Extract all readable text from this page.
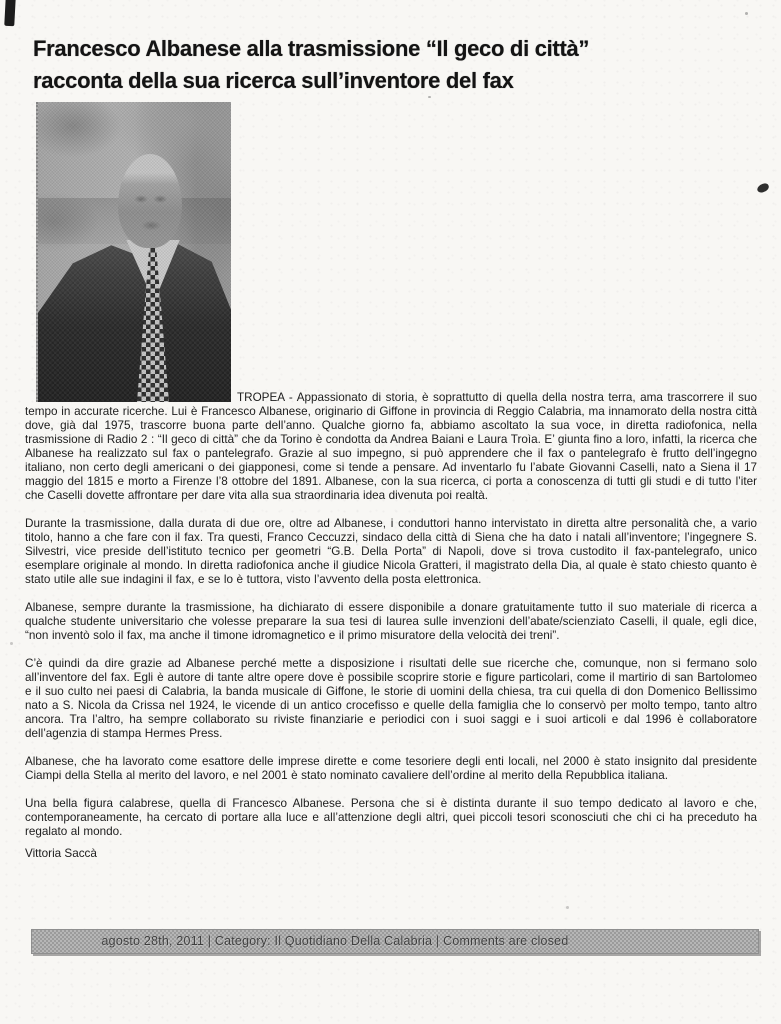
Francesco Albanese alla trasmissione “Il geco di città”
racconta della sua ricerca sull’inventore del fax

TROPEA - Appassionato di storia, è soprattutto di quella della nostra terra, ama trascorrere il suo tempo in accurate ricerche. Lui è Francesco Albanese, originario di Giffone in provincia di Reggio Calabria, ma innamorato della nostra città dove, già dal 1975, trascorre buona parte dell’anno. Qualche giorno fa, abbiamo ascoltato la sua voce, in diretta radiofonica, nella trasmissione di Radio 2 : “Il geco di città” che da Torino è condotta da Andrea Baiani e Laura Troìa. E’ giunta fino a loro, infatti, la ricerca che Albanese ha realizzato sul fax o pantelegrafo. Grazie al suo impegno, si può apprendere che il fax o pantelegrafo è frutto dell’ingegno italiano, non certo degli americani o dei giapponesi, come si tende a pensare. Ad inventarlo fu l’abate Giovanni Caselli, nato a Siena il 17 maggio del 1815 e morto a Firenze l’8 ottobre del 1891. Albanese, con la sua ricerca, ci porta a conoscenza di tutti gli studi e di tutto l’iter che Caselli dovette affrontare per dare vita alla sua straordinaria idea divenuta poi realtà.

Durante la trasmissione, dalla durata di due ore, oltre ad Albanese, i conduttori hanno intervistato in diretta altre personalità che, a vario titolo, hanno a che fare con il fax. Tra questi, Franco Ceccuzzi, sindaco della città di Siena che ha dato i natali all’inventore; l’ingegnere S. Silvestri, vice preside dell’istituto tecnico per geometri “G.B. Della Porta” di Napoli, dove si trova custodito il fax-pantelegrafo, unico esemplare originale al mondo. In diretta radiofonica anche il giudice Nicola Gratteri, il magistrato della Dia, al quale è stato chiesto quanto è stato utile alle sue indagini il fax, e se lo è tuttora, visto l’avvento della posta elettronica.

Albanese, sempre durante la trasmissione, ha dichiarato di essere disponibile a donare gratuitamente tutto il suo materiale di ricerca a qualche studente universitario che volesse preparare la sua tesi di laurea sulle invenzioni dell’abate/scienziato Caselli, il quale, egli dice, “non inventò solo il fax, ma anche il timone idromagnetico e il primo misuratore della velocità dei treni”.

C’è quindi da dire grazie ad Albanese perché mette a disposizione i risultati delle sue ricerche che, comunque, non si fermano solo all’inventore del fax. Egli è autore di tante altre opere dove è possibile scoprire storie e figure particolari, come il martirio di san Bartolomeo e il suo culto nei paesi di Calabria, la banda musicale di Giffone, le storie di uomini della chiesa, tra cui quella di don Domenico Bellissimo nato a S. Nicola da Crissa nel 1924, le vicende di un antico crocefisso e quelle della famiglia che lo conservò per molto tempo, tanto altro ancora. Tra l’altro, ha sempre collaborato su riviste finanziarie e periodici con i suoi saggi e i suoi articoli e dal 1996 è collaboratore dell’agenzia di stampa Hermes Press.

Albanese, che ha lavorato come esattore delle imprese dirette e come tesoriere degli enti locali, nel 2000 è stato insignito dal presidente Ciampi della Stella al merito del lavoro, e nel 2001 è stato nominato cavaliere dell’ordine al merito della Repubblica italiana.

Una bella figura calabrese, quella di Francesco Albanese. Persona che si è distinta durante il suo tempo dedicato al lavoro e che, contemporaneamente, ha cercato di portare alla luce e all’attenzione degli altri, quei piccoli tesori sconosciuti che chi ci ha preceduto ha regalato al mondo.

Vittoria Saccà

agosto 28th, 2011 | Category: Il Quotidiano Della Calabria | Comments are closed
